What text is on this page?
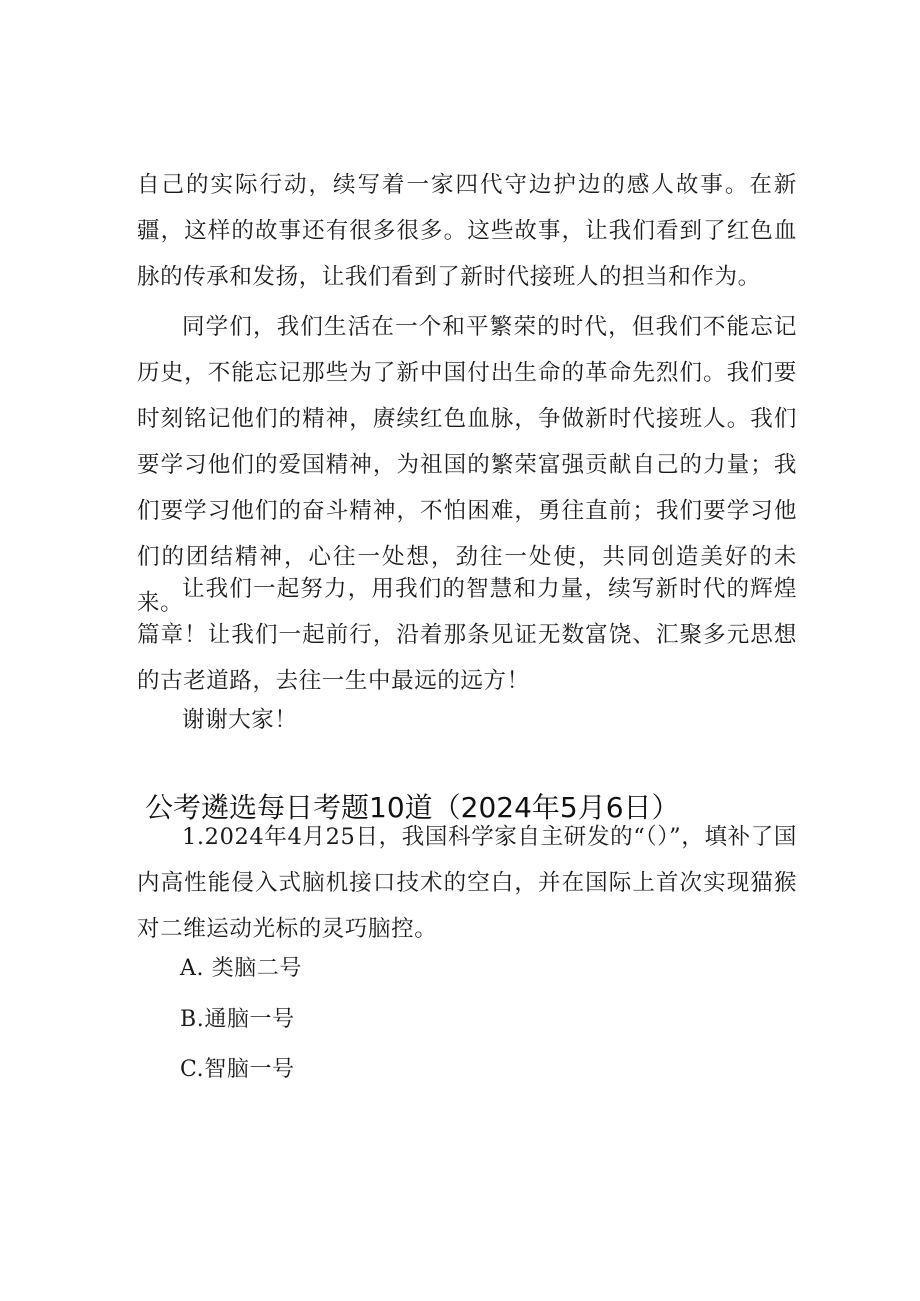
自己的实际行动，续写着一家四代守边护边的感人故事。在新疆，这样的故事还有很多很多。这些故事，让我们看到了红色血脉的传承和发扬，让我们看到了新时代接班人的担当和作为。

同学们，我们生活在一个和平繁荣的时代，但我们不能忘记历史，不能忘记那些为了新中国付出生命的革命先烈们。我们要时刻铭记他们的精神，赓续红色血脉，争做新时代接班人。我们要学习他们的爱国精神，为祖国的繁荣富强贡献自己的力量；我们要学习他们的奋斗精神，不怕困难，勇往直前；我们要学习他们的团结精神，心往一处想，劲往一处使，共同创造美好的未来。

让我们一起努力，用我们的智慧和力量，续写新时代的辉煌篇章！让我们一起前行，沿着那条见证无数富饶、汇聚多元思想的古老道路，去往一生中最远的远方！

谢谢大家！

公考遴选每日考题10道（2024年5月6日）

1.2024年4月25日，我国科学家自主研发的“（）”，填补了国内高性能侵入式脑机接口技术的空白，并在国际上首次实现猫猴对二维运动光标的灵巧脑控。

A. 类脑二号

B.通脑一号

C.智脑一号
